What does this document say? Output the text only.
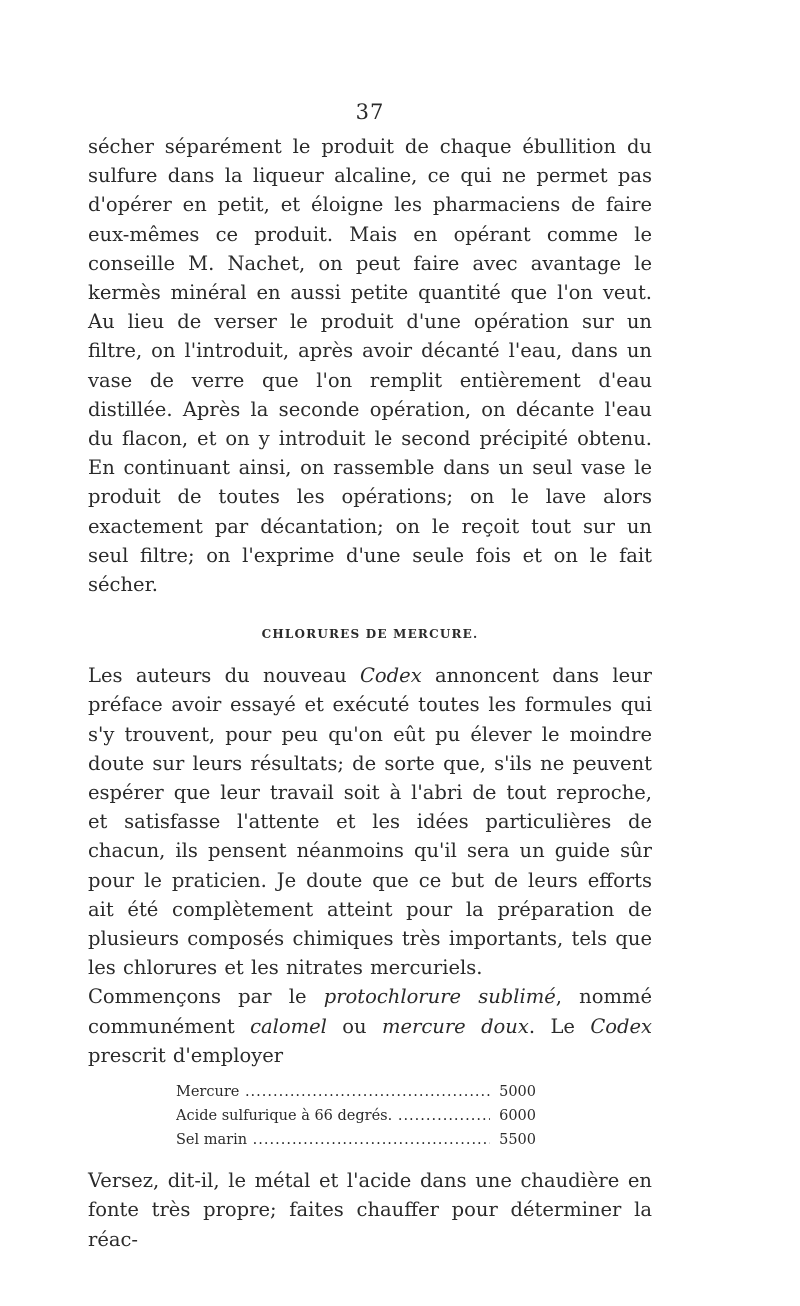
37

sécher séparément le produit de chaque ébullition du sulfure dans la liqueur alcaline, ce qui ne permet pas d'opérer en petit, et éloigne les pharmaciens de faire eux-mêmes ce produit. Mais en opérant comme le conseille M. Nachet, on peut faire avec avantage le kermès minéral en aussi petite quantité que l'on veut. Au lieu de verser le produit d'une opération sur un filtre, on l'introduit, après avoir décanté l'eau, dans un vase de verre que l'on remplit entièrement d'eau distillée. Après la seconde opération, on décante l'eau du flacon, et on y introduit le second précipité obtenu. En continuant ainsi, on rassemble dans un seul vase le produit de toutes les opérations; on le lave alors exactement par décantation; on le reçoit tout sur un seul filtre; on l'exprime d'une seule fois et on le fait sécher.

CHLORURES DE MERCURE.

Les auteurs du nouveau Codex annoncent dans leur préface avoir essayé et exécuté toutes les formules qui s'y trouvent, pour peu qu'on eût pu élever le moindre doute sur leurs résultats; de sorte que, s'ils ne peuvent espérer que leur travail soit à l'abri de tout reproche, et satisfasse l'attente et les idées particulières de chacun, ils pensent néanmoins qu'il sera un guide sûr pour le praticien. Je doute que ce but de leurs efforts ait été complètement atteint pour la préparation de plusieurs composés chimiques très importants, tels que les chlorures et les nitrates mercuriels.

Commençons par le protochlorure sublimé, nommé communément calomel ou mercure doux. Le Codex prescrit d'employer

Mercure .....	5000
Acide sulfurique à 66 degrés. .....	6000
Sel marin .....	5500

Versez, dit-il, le métal et l'acide dans une chaudière en fonte très propre; faites chauffer pour déterminer la réac-
